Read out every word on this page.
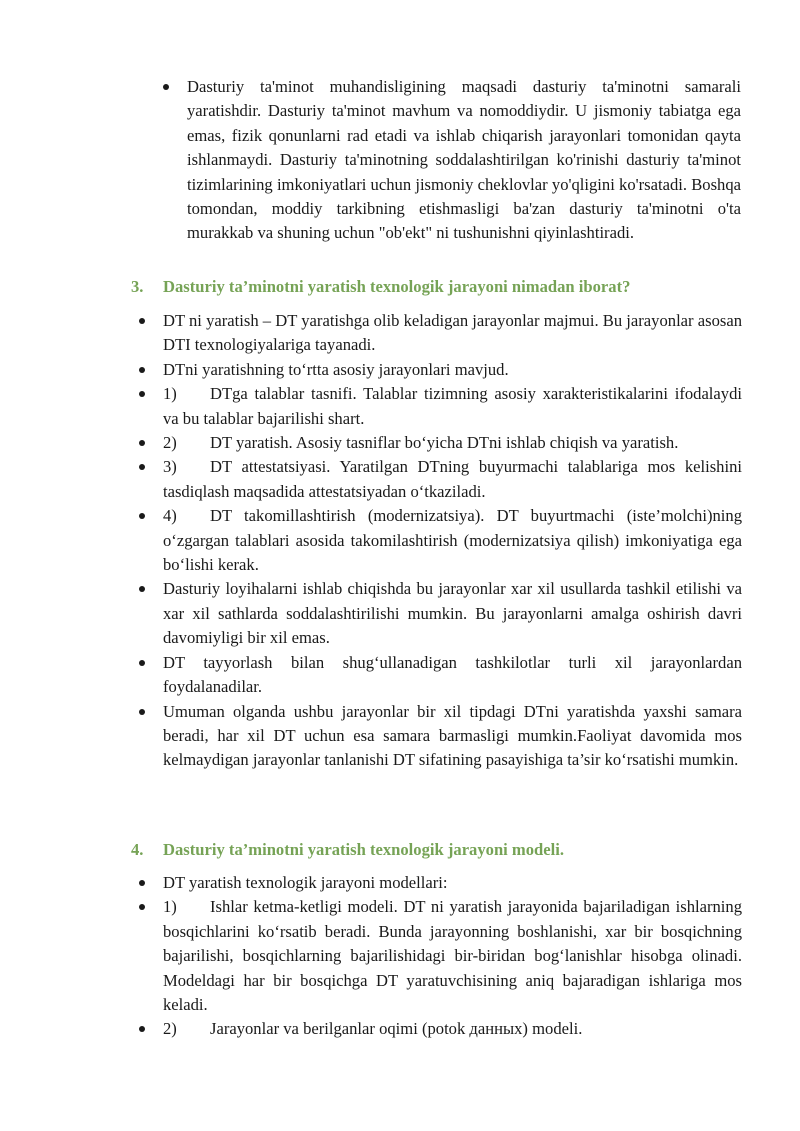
Dasturiy ta'minot muhandisligining maqsadi dasturiy ta'minotni samarali yaratishdir. Dasturiy ta'minot mavhum va nomoddiydir. U jismoniy tabiatga ega emas, fizik qonunlarni rad etadi va ishlab chiqarish jarayonlari tomonidan qayta ishlanmaydi. Dasturiy ta'minotning soddalashtirilgan ko'rinishi dasturiy ta'minot tizimlarining imkoniyatlari uchun jismoniy cheklovlar yo'qligini ko'rsatadi. Boshqa tomondan, moddiy tarkibning etishmasligi ba'zan dasturiy ta'minotni o'ta murakkab va shuning uchun "ob'ekt" ni tushunishni qiyinlashtiradi.
3. Dasturiy ta’minotni yaratish texnologik jarayoni nimadan iborat?
DT ni yaratish – DT yaratishga olib keladigan jarayonlar majmui. Bu jarayonlar asosan DTI texnologiyalariga tayanadi.
DTni yaratishning to‘rtta asosiy jarayonlari mavjud.
1) DTga talablar tasnifi. Talablar tizimning asosiy xarakteristikalarini ifodalaydi va bu talablar bajarilishi shart.
2) DT yaratish. Asosiy tasniflar bo‘yicha DTni ishlab chiqish va yaratish.
3) DT attestatsiyasi. Yaratilgan DTning buyurmachi talablariga mos kelishini tasdiqlash maqsadida attestatsiyadan o‘tkaziladi.
4) DT takomillashtirish (modernizatsiya). DT buyurtmachi (iste’molchi)ning o‘zgargan talablari asosida takomilashtirish (modernizatsiya qilish) imkoniyatiga ega bo‘lishi kerak.
Dasturiy loyihalarni ishlab chiqishda bu jarayonlar xar xil usullarda tashkil etilishi va xar xil sathlarda soddalashtirilishi mumkin. Bu jarayonlarni amalga oshirish davri davomiyligi bir xil emas.
DT tayyorlash bilan shug‘ullanadigan tashkilotlar turli xil jarayonlardan foydalanadilar.
Umuman olganda ushbu jarayonlar bir xil tipdagi DTni yaratishda yaxshi samara beradi, har xil DT uchun esa samara barmasligi mumkin.Faoliyat davomida mos kelmaydigan jarayonlar tanlanishi DT sifatining pasayishiga ta’sir ko‘rsatishi mumkin.
4. Dasturiy ta’minotni yaratish texnologik jarayoni modeli.
DT yaratish texnologik jarayoni modellari:
1) Ishlar ketma-ketligi modeli. DT ni yaratish jarayonida bajariladigan ishlarning bosqichlarini ko‘rsatib beradi. Bunda jarayonning boshlanishi, xar bir bosqichning bajarilishi, bosqichlarning bajarilishidagi bir-biridan bog‘lanishlar hisobga olinadi. Modeldagi har bir bosqichga DT yaratuvchisining aniq bajaradigan ishlariga mos keladi.
2) Jarayonlar va berilganlar oqimi (potok данных) modeli.
